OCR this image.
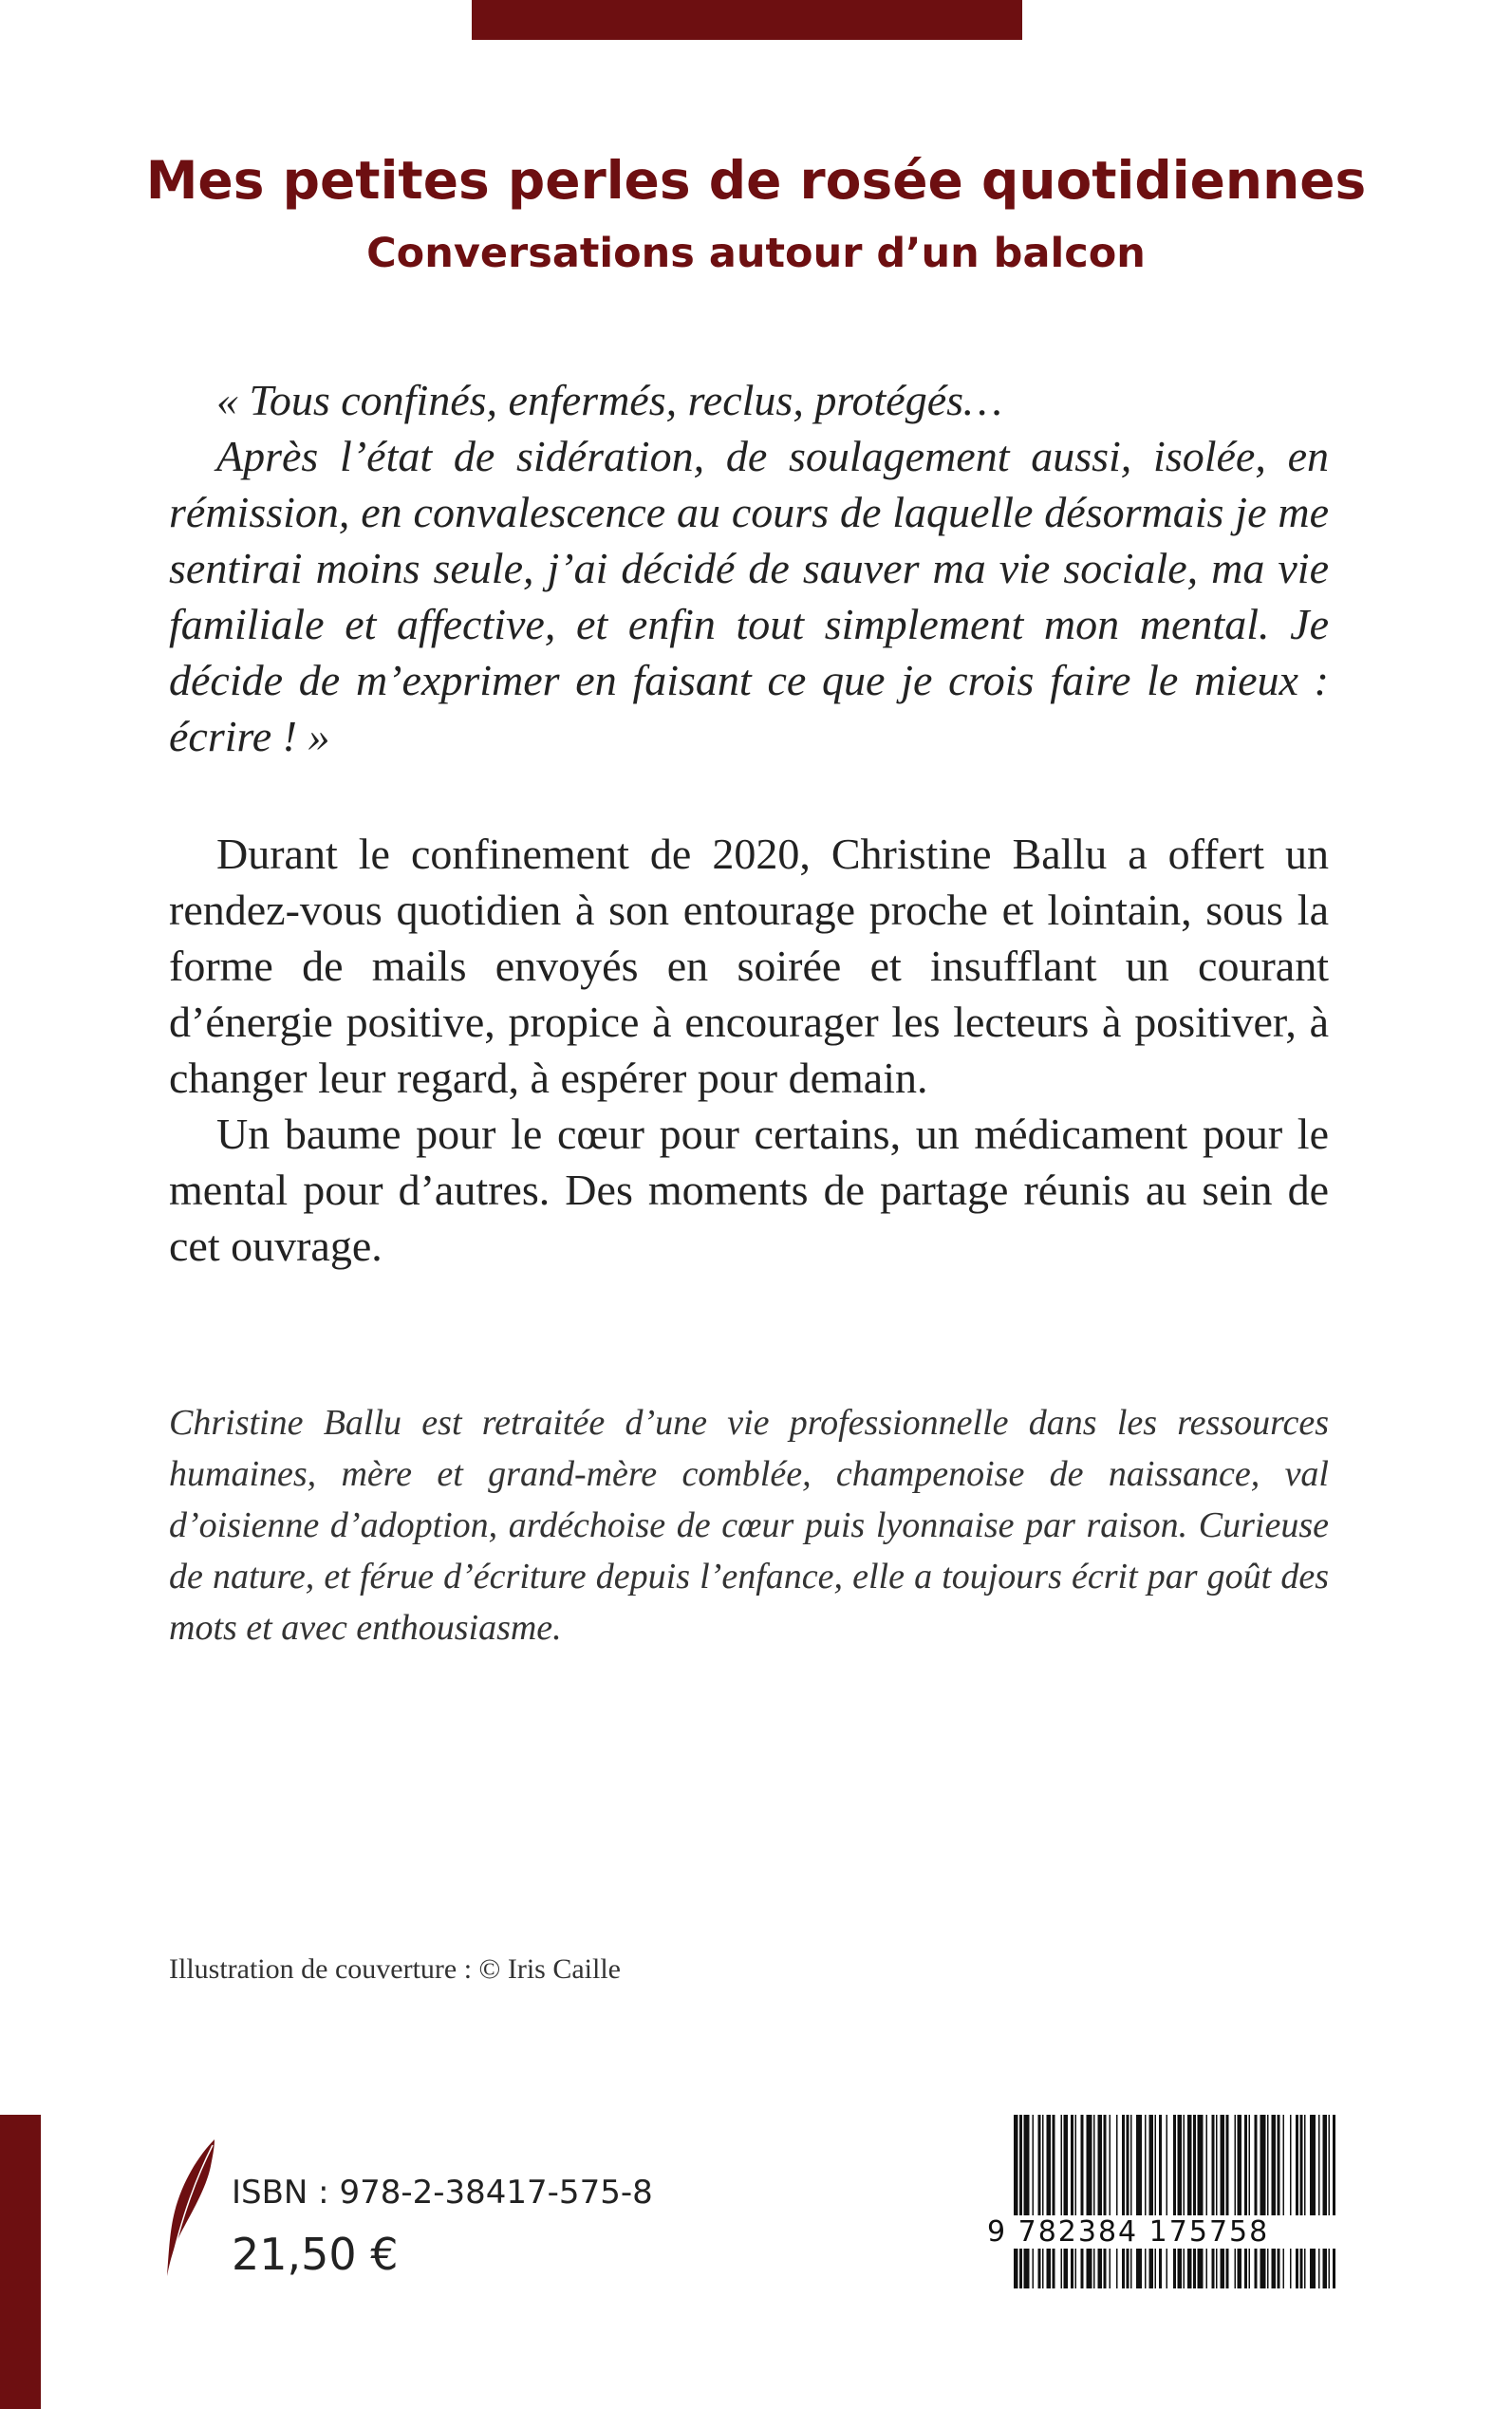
Mes petites perles de rosée quotidiennes
Conversations autour d’un balcon

« Tous confinés, enfermés, reclus, protégés…

Après l’état de sidération, de soulagement aussi, isolée, en rémission, en convalescence au cours de laquelle désormais je me sentirai moins seule, j’ai décidé de sauver ma vie sociale, ma vie familiale et affective, et enfin tout simplement mon mental. Je décide de m’exprimer en faisant ce que je crois faire le mieux : écrire ! »

Durant le confinement de 2020, Christine Ballu a offert un rendez-vous quotidien à son entourage proche et lointain, sous la forme de mails envoyés en soirée et insufflant un courant d’énergie positive, propice à encourager les lecteurs à positiver, à changer leur regard, à espérer pour demain.

Un baume pour le cœur pour certains, un médicament pour le mental pour d’autres. Des moments de partage réunis au sein de cet ouvrage.

Christine Ballu est retraitée d’une vie professionnelle dans les ressources humaines, mère et grand-mère comblée, champenoise de naissance, val d’oisienne d’adoption, ardéchoise de cœur puis lyonnaise par raison. Curieuse de nature, et férue d’écriture depuis l’enfance, elle a toujours écrit par goût des mots et avec enthousiasme.

Illustration de couverture : © Iris Caille

ISBN : 978-2-38417-575-8
21,50 €	9 782384 175758
